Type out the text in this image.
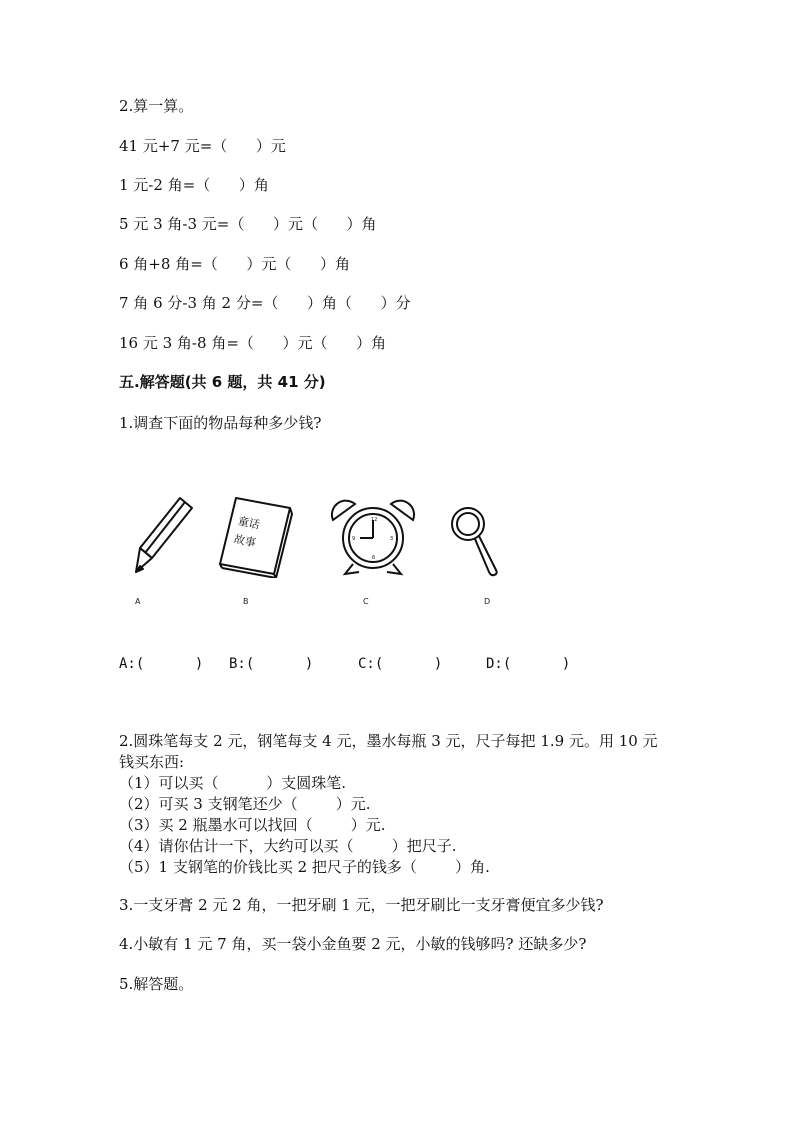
2.算一算。
41 元+7 元=（      ）元
1 元-2 角=（      ）角
5 元 3 角-3 元=（      ）元（      ）角
6 角+8 角=（      ）元（      ）角
7 角 6 分-3 角 2 分=（      ）角（      ）分
16 元 3 角-8 角=（      ）元（      ）角
五.解答题(共 6 题，共 41 分)
1.调查下面的物品每种多少钱?
童话
故事
12
3
6
9
A	B	C	D
A:(      ) B:(      )	C:(      )	D:(      )
2.圆珠笔每支 2 元，钢笔每支 4 元，墨水每瓶 3 元，尺子每把 1.9 元。用 10 元
钱买东西:
（1）可以买（          ）支圆珠笔.
（2）可买 3 支钢笔还少（        ）元.
（3）买 2 瓶墨水可以找回（        ）元.
（4）请你估计一下，大约可以买（        ）把尺子.
（5）1 支钢笔的价钱比买 2 把尺子的钱多（        ）角.
3.一支牙膏 2 元 2 角，一把牙刷 1 元，一把牙刷比一支牙膏便宜多少钱?
4.小敏有 1 元 7 角，买一袋小金鱼要 2 元，小敏的钱够吗? 还缺多少?
5.解答题。
